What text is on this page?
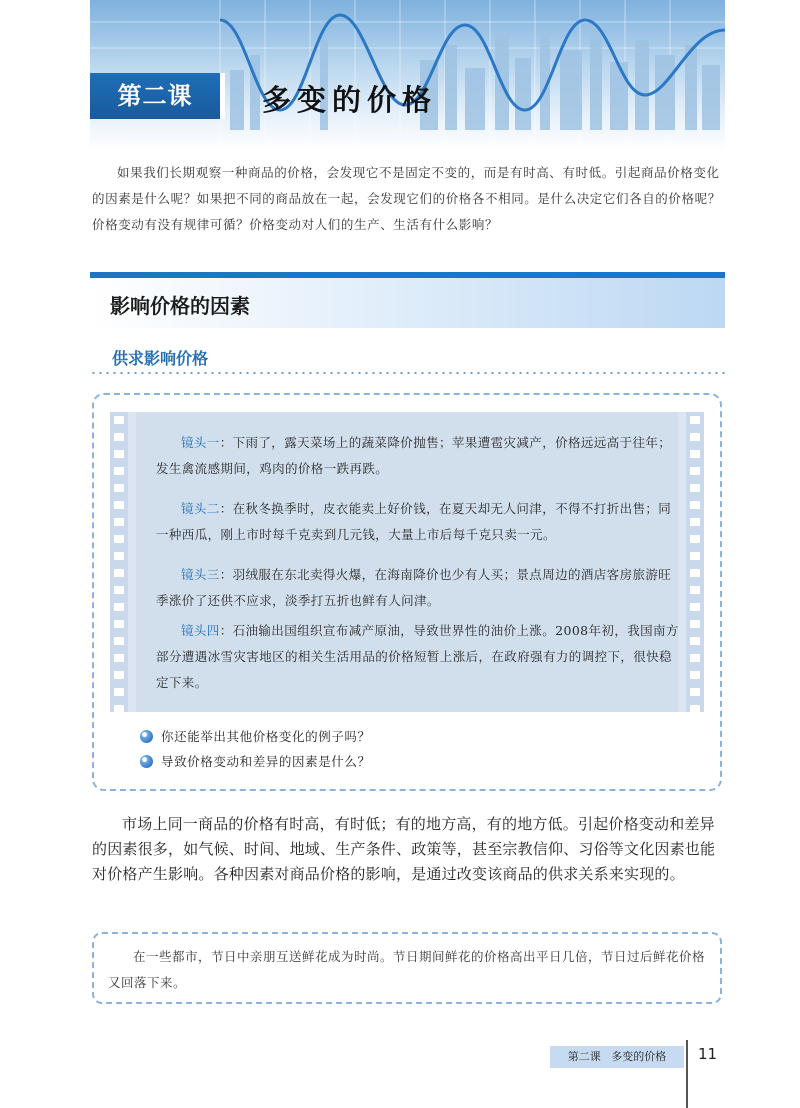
第二课	多变的价格

如果我们长期观察一种商品的价格，会发现它不是固定不变的，而是有时高、有时低。引起商品价格变化的因素是什么呢？如果把不同的商品放在一起，会发现它们的价格各不相同。是什么决定它们各自的价格呢？价格变动有没有规律可循？价格变动对人们的生产、生活有什么影响？

影响价格的因素
供求影响价格

镜头一：下雨了，露天菜场上的蔬菜降价抛售；苹果遭雹灾减产，价格远远高于往年；发生禽流感期间，鸡肉的价格一跌再跌。

镜头二：在秋冬换季时，皮衣能卖上好价钱，在夏天却无人问津，不得不打折出售；同一种西瓜，刚上市时每千克卖到几元钱，大量上市后每千克只卖一元。

镜头三：羽绒服在东北卖得火爆，在海南降价也少有人买；景点周边的酒店客房旅游旺季涨价了还供不应求，淡季打五折也鲜有人问津。

镜头四：石油输出国组织宣布减产原油，导致世界性的油价上涨。2008年初，我国南方部分遭遇冰雪灾害地区的相关生活用品的价格短暂上涨后，在政府强有力的调控下，很快稳定下来。

你还能举出其他价格变化的例子吗？
导致价格变动和差异的因素是什么？

市场上同一商品的价格有时高，有时低；有的地方高，有的地方低。引起价格变动和差异的因素很多，如气候、时间、地域、生产条件、政策等，甚至宗教信仰、习俗等文化因素也能对价格产生影响。各种因素对商品价格的影响，是通过改变该商品的供求关系来实现的。

在一些都市，节日中亲朋互送鲜花成为时尚。节日期间鲜花的价格高出平日几倍，节日过后鲜花价格又回落下来。

第二课 多变的价格	11
